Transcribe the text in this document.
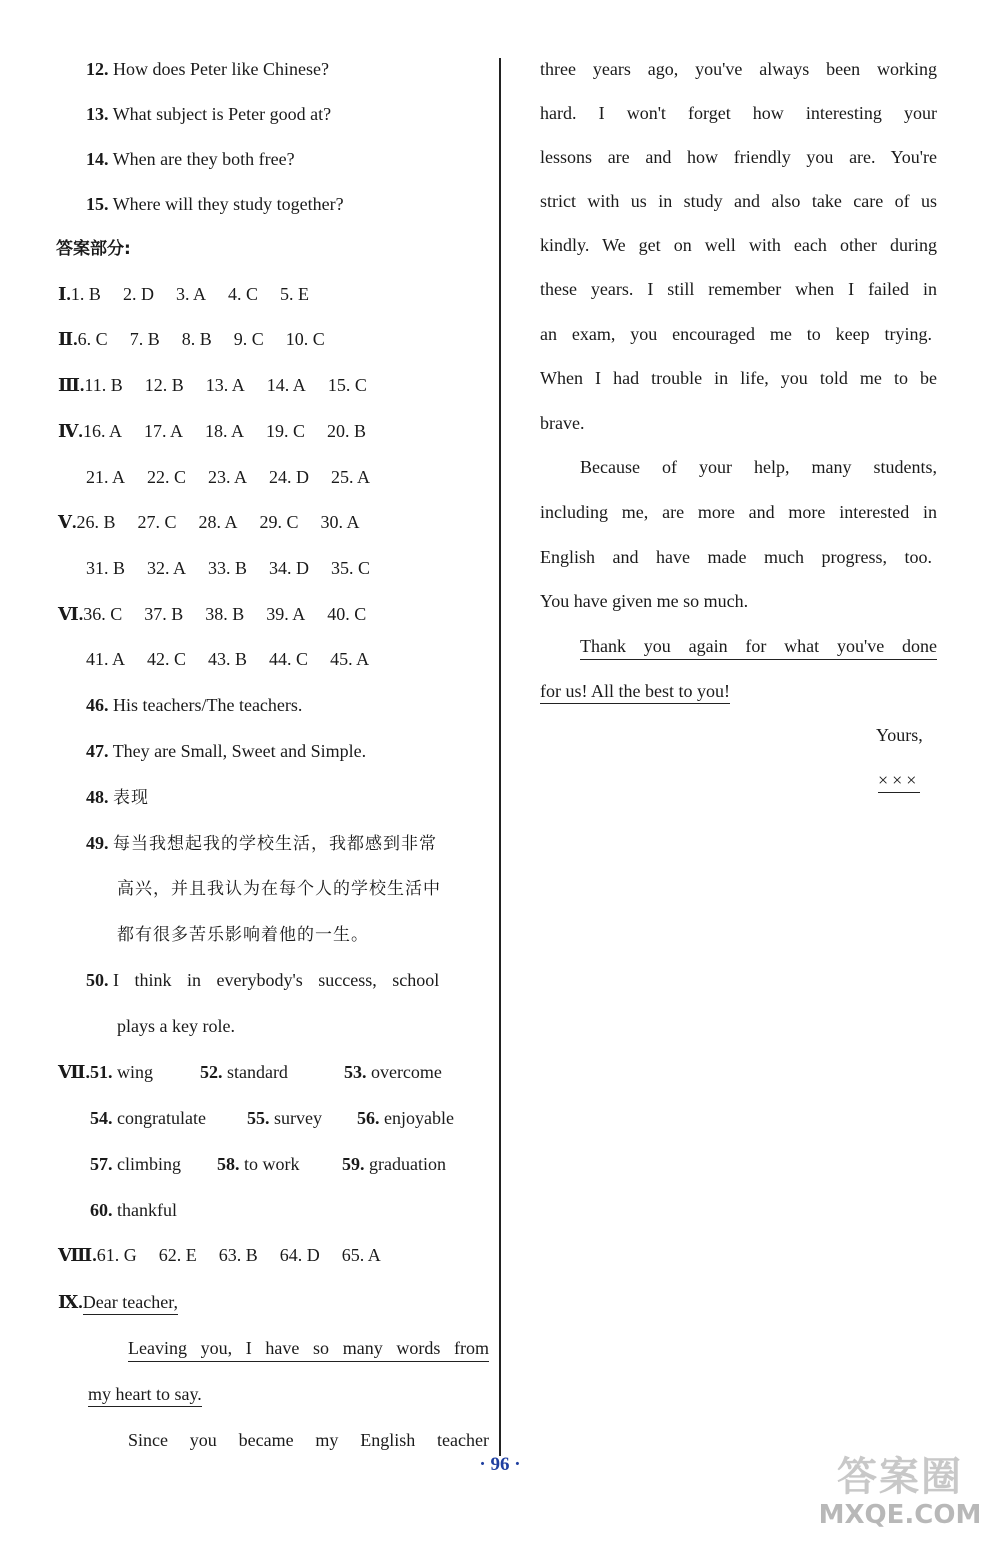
12. How does Peter like Chinese?
13. What subject is Peter good at?
14. When are they both free?
15. Where will they study together?
答案部分:
Ⅰ.1. B 2. D 3. A 4. C 5. E
Ⅱ.6. C 7. B 8. B 9. C 10. C
Ⅲ.11. B 12. B 13. A 14. A 15. C
Ⅳ.16. A 17. A 18. A 19. C 20. B
21. A 22. C 23. A 24. D 25. A
Ⅴ.26. B 27. C 28. A 29. C 30. A
31. B 32. A 33. B 34. D 35. C
Ⅵ.36. C 37. B 38. B 39. A 40. C
41. A 42. C 43. B 44. C 45. A
46. His teachers/The teachers.
47. They are Small, Sweet and Simple.
48. 表现
49. 每当我想起我的学校生活，我都感到非常
高兴，并且我认为在每个人的学校生活中
都有很多苦乐影响着他的一生。
50. I think in everybody's success, school
plays a key role.
Ⅶ.51. wing	52. standard	53. overcome
54. congratulate 55. survey 56. enjoyable
57. climbing 58. to work 59. graduation
60. thankful
Ⅷ.61. G 62. E 63. B 64. D 65. A
Ⅸ.Dear teacher,
Leaving you, I have so many words from
my heart to say.
Since you became my English teacher
three years ago, you've always been working
hard. I won't forget how interesting your
lessons are and how friendly you are. You're
strict with us in study and also take care of us
kindly. We get on well with each other during
these years. I still remember when I failed in
an exam, you encouraged me to keep trying.
When I had trouble in life, you told me to be
brave.
Because of your help, many students,
including me, are more and more interested in
English and have made much progress, too.
You have given me so much.
Thank you again for what you've done
for us! All the best to you!
Yours,
×××
· 96 ·	答案圈
MXQE.COM
